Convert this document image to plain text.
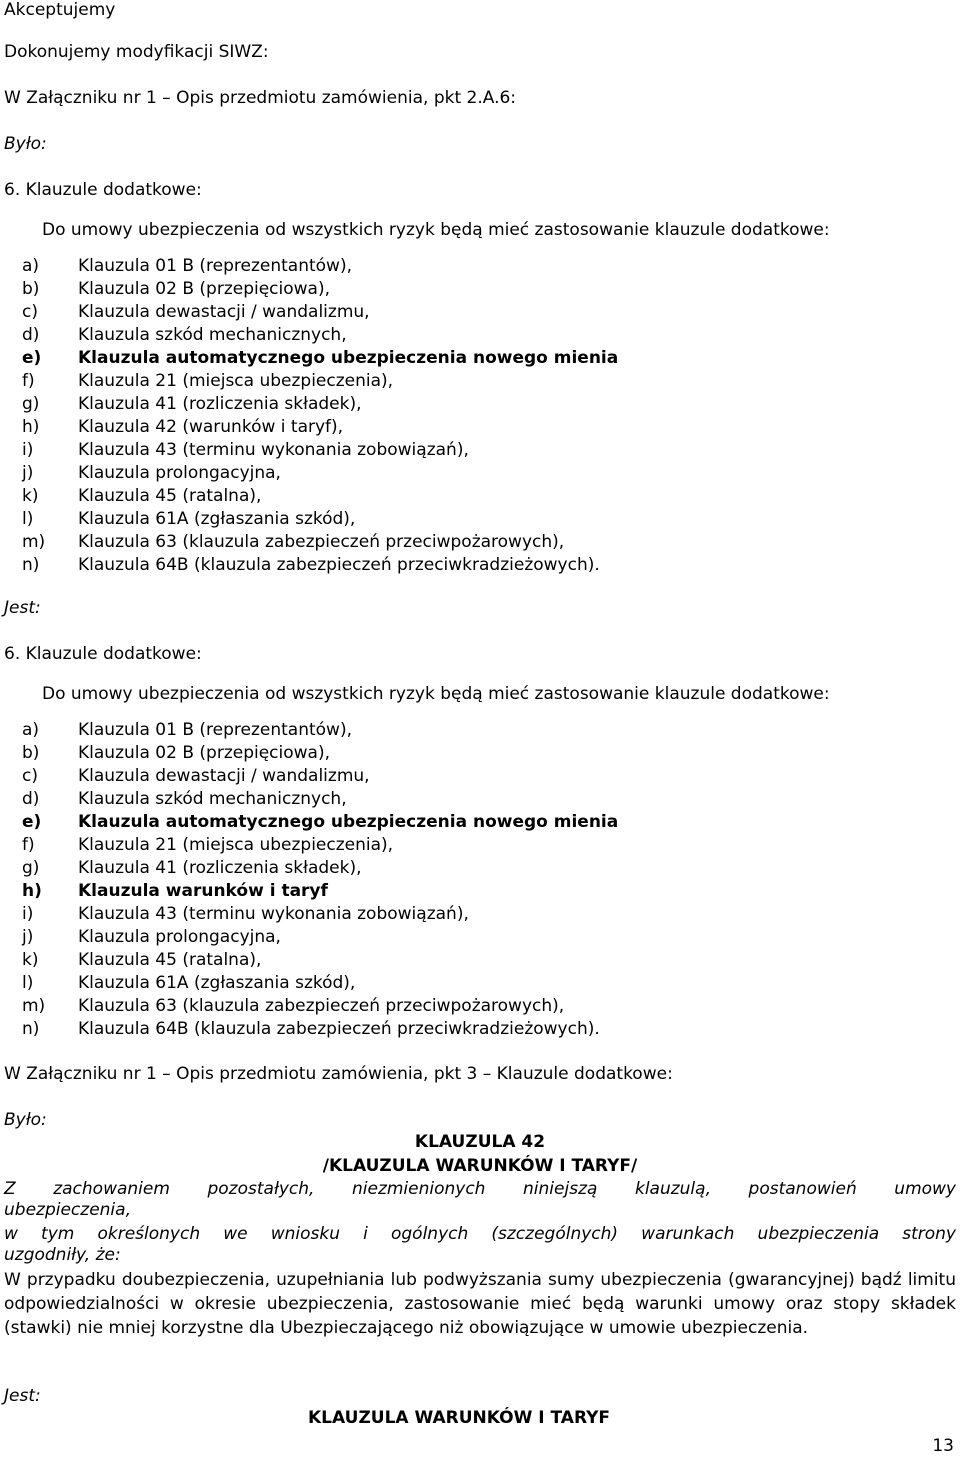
Akceptujemy
Dokonujemy modyfikacji SIWZ:
W Załączniku nr 1 – Opis przedmiotu zamówienia, pkt 2.A.6:
Było:
6. Klauzule dodatkowe:
Do umowy ubezpieczenia od wszystkich ryzyk będą mieć zastosowanie klauzule dodatkowe:
a) Klauzula 01 B (reprezentantów),
b) Klauzula 02 B (przepięciowa),
c) Klauzula dewastacji / wandalizmu,
d) Klauzula szkód mechanicznych,
e) Klauzula automatycznego ubezpieczenia nowego mienia
f)	Klauzula 21 (miejsca ubezpieczenia),
g) Klauzula 41 (rozliczenia składek),
h) Klauzula 42 (warunków i taryf),
i)	Klauzula 43 (terminu wykonania zobowiązań),
j)	Klauzula prolongacyjna,
k) Klauzula 45 (ratalna),
l)	Klauzula 61A (zgłaszania szkód),
m) Klauzula 63 (klauzula zabezpieczeń przeciwpożarowych),
n) Klauzula 64B (klauzula zabezpieczeń przeciwkradzieżowych).
Jest:
6. Klauzule dodatkowe:
Do umowy ubezpieczenia od wszystkich ryzyk będą mieć zastosowanie klauzule dodatkowe:
a) Klauzula 01 B (reprezentantów),
b) Klauzula 02 B (przepięciowa),
c) Klauzula dewastacji / wandalizmu,
d) Klauzula szkód mechanicznych,
e) Klauzula automatycznego ubezpieczenia nowego mienia
f)	Klauzula 21 (miejsca ubezpieczenia),
g) Klauzula 41 (rozliczenia składek),
h) Klauzula warunków i taryf
i)	Klauzula 43 (terminu wykonania zobowiązań),
j)	Klauzula prolongacyjna,
k) Klauzula 45 (ratalna),
l)	Klauzula 61A (zgłaszania szkód),
m) Klauzula 63 (klauzula zabezpieczeń przeciwpożarowych),
n) Klauzula 64B (klauzula zabezpieczeń przeciwkradzieżowych).
W Załączniku nr 1 – Opis przedmiotu zamówienia, pkt 3 – Klauzule dodatkowe:
Było:
KLAUZULA 42
/KLAUZULA WARUNKÓW I TARYF/
Z zachowaniem pozostałych, niezmienionych niniejszą klauzulą, postanowień umowy
ubezpieczenia,
w tym określonych we wniosku i ogólnych (szczególnych) warunkach ubezpieczenia strony
uzgodniły, że:
W przypadku doubezpieczenia, uzupełniania lub podwyższania sumy ubezpieczenia (gwarancyjnej) bądź limitu odpowiedzialności w okresie ubezpieczenia, zastosowanie mieć będą warunki umowy oraz stopy składek (stawki) nie mniej korzystne dla Ubezpieczającego niż obowiązujące w umowie ubezpieczenia.
Jest:
KLAUZULA WARUNKÓW I TARYF
13
